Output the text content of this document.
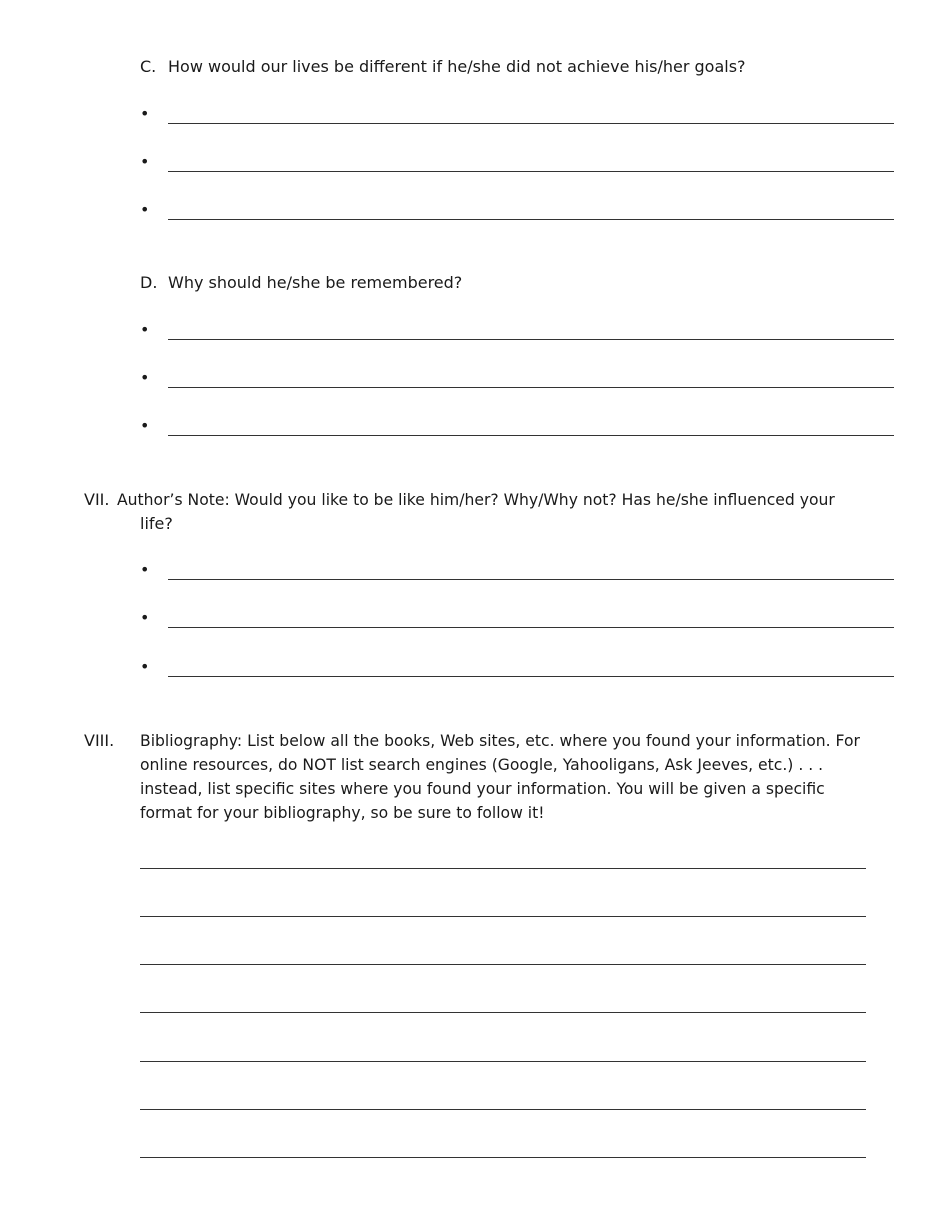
C. How would our lives be different if he/she did not achieve his/her goals?
•
•
•
D. Why should he/she be remembered?
•
•
•
VII. Author’s Note: Would you like to be like him/her? Why/Why not? Has he/she influenced your
life?
•
•
•
VIII. Bibliography: List below all the books, Web sites, etc. where you found your information. For
online resources, do NOT list search engines (Google, Yahooligans, Ask Jeeves, etc.) . . .
instead, list specific sites where you found your information. You will be given a specific
format for your bibliography, so be sure to follow it!
